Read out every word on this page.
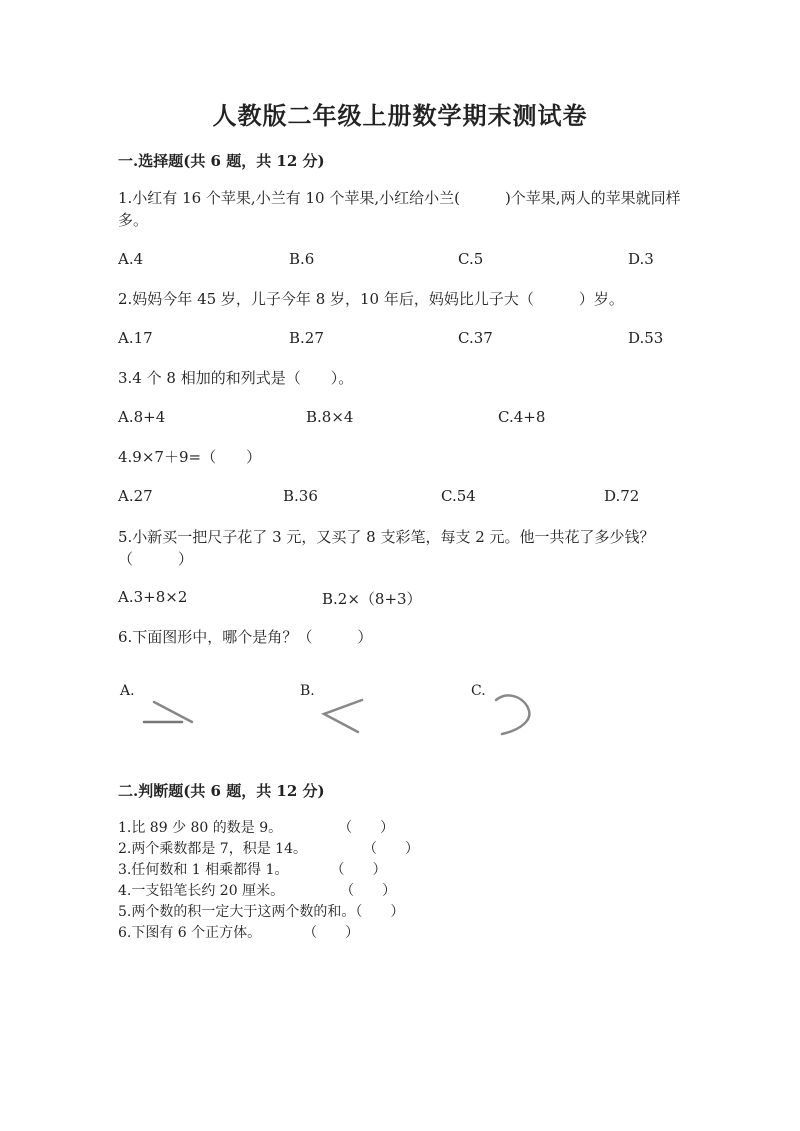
人教版二年级上册数学期末测试卷
一.选择题(共 6 题，共 12 分)
1.小红有 16 个苹果,小兰有 10 个苹果,小红给小兰(　　　)个苹果,两人的苹果就同样多。
A.4	B.6	C.5	D.3
2.妈妈今年 45 岁，儿子今年 8 岁，10 年后，妈妈比儿子大（　　　）岁。
A.17	B.27	C.37	D.53
3.4 个 8 相加的和列式是（　　）。
A.8+4	B.8×4	C.4+8
4.9×7＋9=（　　）
A.27	B.36	C.54	D.72
5.小新买一把尺子花了 3 元，又买了 8 支彩笔，每支 2 元。他一共花了多少钱？（　　　）
A.3+8×2	B.2×（8+3）
6.下面图形中，哪个是角？（　　　）
A.	B.	C.
二.判断题(共 6 题，共 12 分)
1.比 89 少 80 的数是 9。　　　　　（　　）
2.两个乘数都是 7，积是 14。　　　　　（　　）
3.任何数和 1 相乘都得 1。　　　　（　　）
4.一支铅笔长约 20 厘米。　　　　　（　　）
5.两个数的积一定大于这两个数的和。（　　）
6.下图有 6 个正方体。　　　　（　　）
